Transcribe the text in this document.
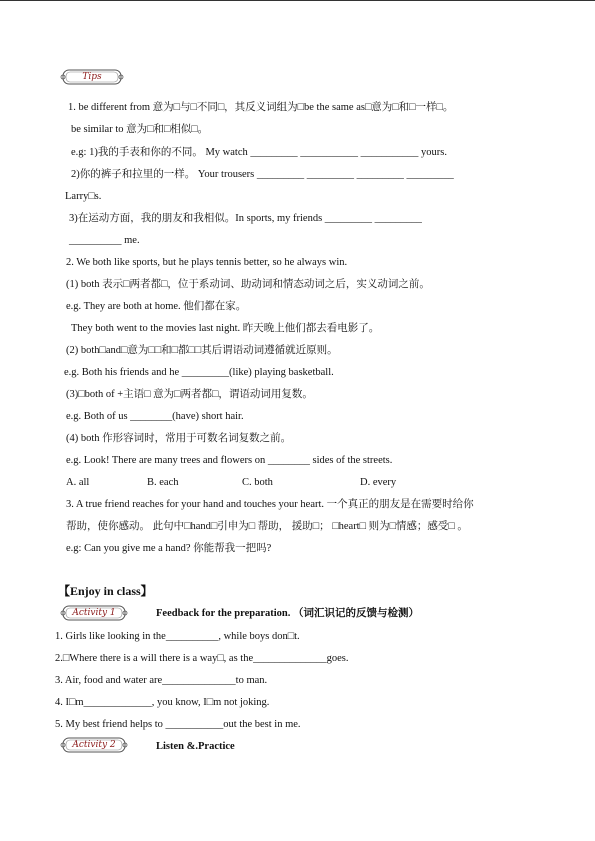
Tips
1. be different from 意为□与□不同□，其反义词组为□be the same as□意为□和□一样□。
be similar to 意为□和□相似□。
e.g: 1)我的手表和你的不同。 My watch _________ ___________ ___________ yours.
2)你的裤子和拉里的一样。 Your trousers _________ _________ _________ _________
Larry□s.
3)在运动方面，我的朋友和我相似。In sports, my friends _________ _________
__________ me.
2. We both like sports, but he plays tennis better, so he always win.
(1) both 表示□两者都□，位于系动词、助动词和情态动词之后，实义动词之前。
e.g. They are both at home. 他们都在家。
They both went to the movies last night. 昨天晚上他们都去看电影了。
(2) both□and□意为□□和□都□□其后谓语动词遵循就近原则。
e.g. Both his friends and he _________(like) playing basketball.
(3)□both of +主语□ 意为□两者都□，谓语动词用复数。
e.g. Both of us ________(have) short hair.
(4) both 作形容词时，常用于可数名词复数之前。
e.g. Look! There are many trees and flowers on ________ sides of the streets.
A. all	B. each	C. both	D. every
3. A true friend reaches for your hand and touches your heart. 一个真正的朋友是在需要时给你
帮助，使你感动。 此句中□hand□引申为□ 帮助， 援助□； □heart□ 则为□情感；感受□ 。
e.g: Can you give me a hand? 你能帮我一把吗?
【Enjoy in class】
Activity 1	Feedback for the preparation. （词汇识记的反馈与检测）
1. Girls like looking in the__________, while boys don□t.
2.□Where there is a will there is a way□, as the______________goes.
3. Air, food and water are______________to man.
4. I□m_____________, you know, I□m not joking.
5. My best friend helps to ___________out the best in me.
Activity 2	Listen &.Practice
